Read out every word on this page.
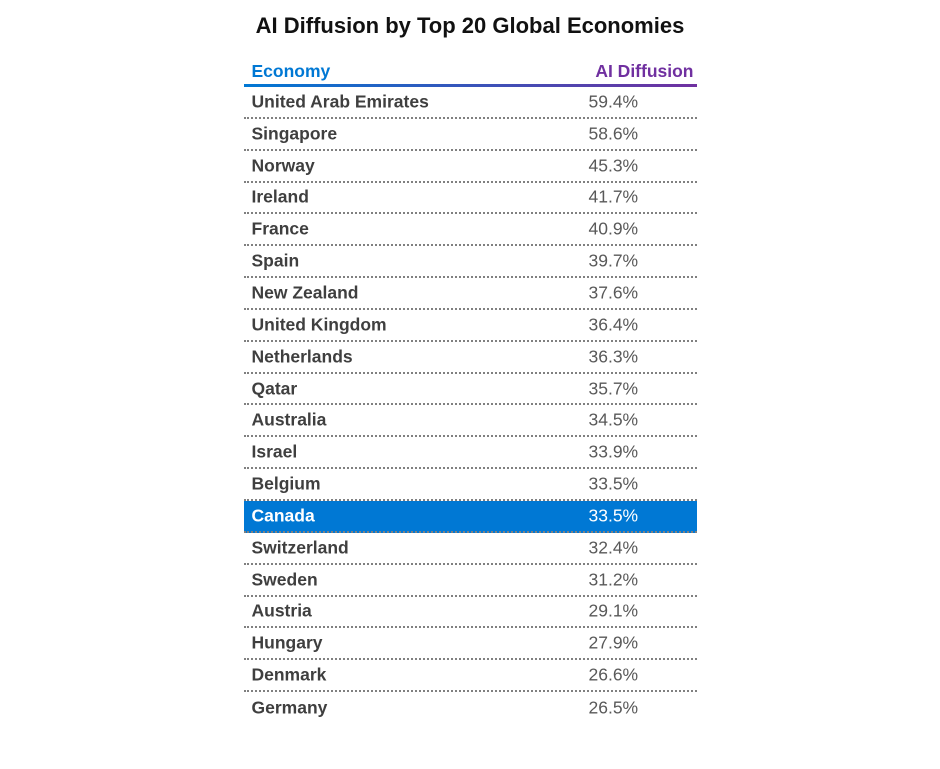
AI Diffusion by Top 20 Global Economies
Economy	AI Diffusion
United Arab Emirates	59.4%
Singapore	58.6%
Norway	45.3%
Ireland	41.7%
France	40.9%
Spain	39.7%
New Zealand	37.6%
United Kingdom	36.4%
Netherlands	36.3%
Qatar	35.7%
Australia	34.5%
Israel	33.9%
Belgium	33.5%
Canada	33.5%
Switzerland	32.4%
Sweden	31.2%
Austria	29.1%
Hungary	27.9%
Denmark	26.6%
Germany	26.5%
